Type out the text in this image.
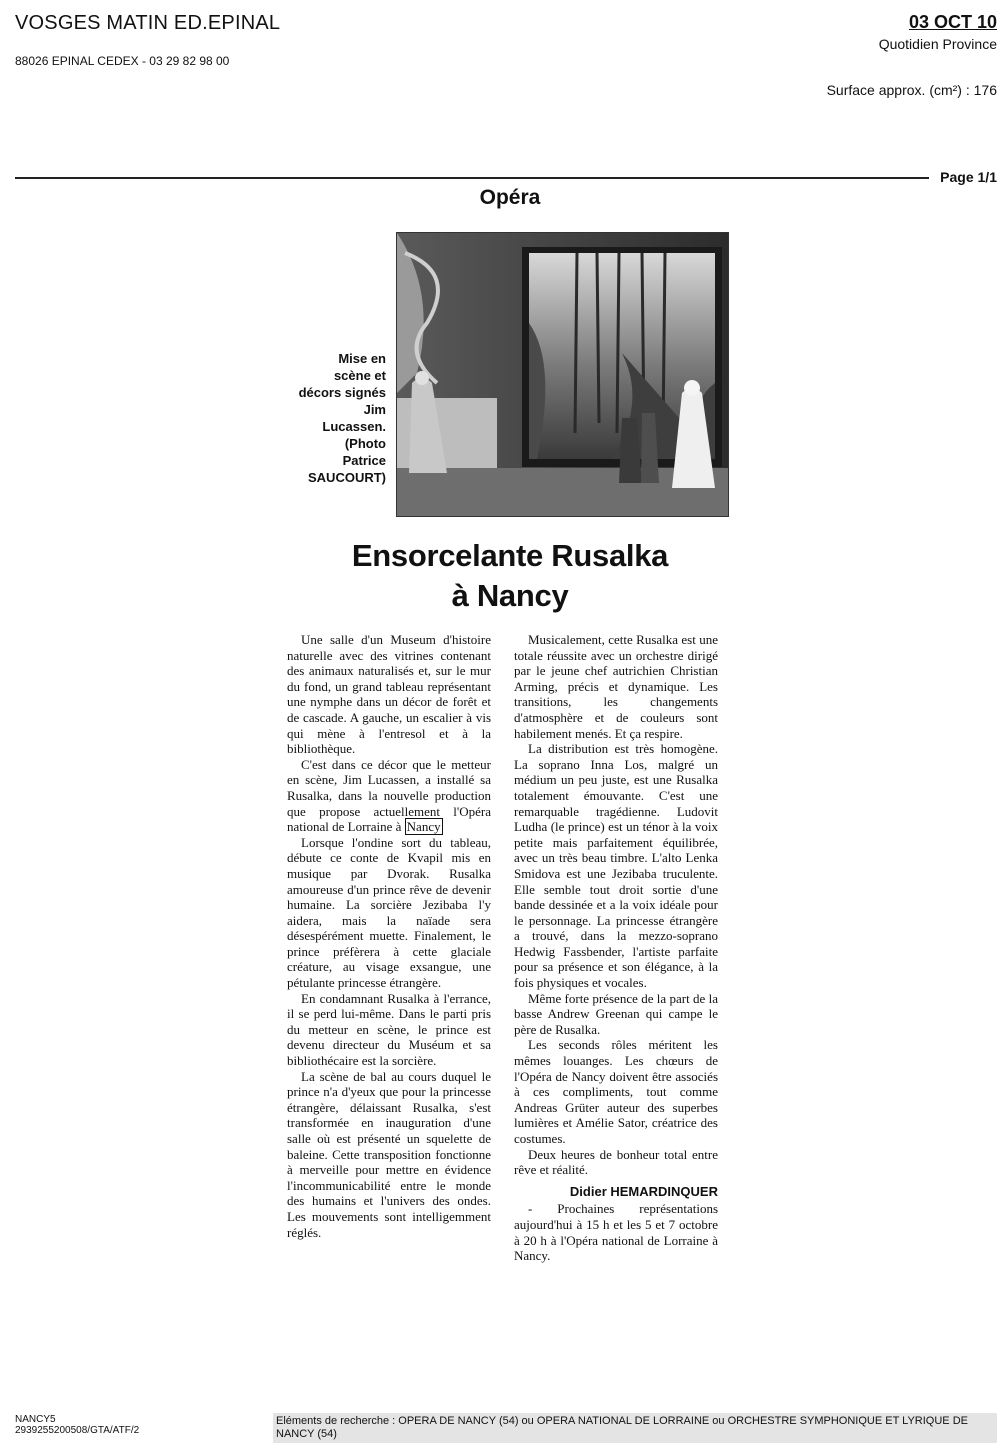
VOSGES MATIN ED.EPINAL
88026 EPINAL CEDEX - 03 29 82 98 00
03 OCT 10
Quotidien Province
Surface approx. (cm²) : 176
Page 1/1
Opéra
Mise en
scène et
décors signés
Jim
Lucassen.
(Photo
Patrice
SAUCOURT)
Ensorcelante Rusalka
à Nancy

Une salle d'un Museum d'histoire naturelle avec des vitrines contenant des animaux naturalisés et, sur le mur du fond, un grand tableau représentant une nymphe dans un décor de forêt et de cascade. A gauche, un escalier à vis qui mène à l'entresol et à la bibliothèque.

C'est dans ce décor que le metteur en scène, Jim Lucassen, a installé sa Rusalka, dans la nouvelle production que propose actuellement l'Opéra national de Lorraine à Nancy

Lorsque l'ondine sort du tableau, débute ce conte de Kvapil mis en musique par Dvorak. Rusalka amoureuse d'un prince rêve de devenir humaine. La sorcière Jezibaba l'y aidera, mais la naïade sera désespérément muette. Finalement, le prince préfèrera à cette glaciale créature, au visage exsangue, une pétulante princesse étrangère.

En condamnant Rusalka à l'errance, il se perd lui-même. Dans le parti pris du metteur en scène, le prince est devenu directeur du Muséum et sa bibliothécaire est la sorcière.

La scène de bal au cours duquel le prince n'a d'yeux que pour la princesse étrangère, délaissant Rusalka, s'est transformée en inauguration d'une salle où est présenté un squelette de baleine. Cette transposition fonctionne à merveille pour mettre en évidence l'incommunicabilité entre le monde des humains et l'univers des ondes. Les mouvements sont intelligemment réglés.

Musicalement, cette Rusalka est une totale réussite avec un orchestre dirigé par le jeune chef autrichien Christian Arming, précis et dynamique. Les transitions, les changements d'atmosphère et de couleurs sont habilement menés. Et ça respire.

La distribution est très homogène. La soprano Inna Los, malgré un médium un peu juste, est une Rusalka totalement émouvante. C'est une remarquable tragédienne. Ludovit Ludha (le prince) est un ténor à la voix petite mais parfaitement équilibrée, avec un très beau timbre. L'alto Lenka Smidova est une Jezibaba truculente. Elle semble tout droit sortie d'une bande dessinée et a la voix idéale pour le personnage. La princesse étrangère a trouvé, dans la mezzo-soprano Hedwig Fassbender, l'artiste parfaite pour sa présence et son élégance, à la fois physiques et vocales.

Même forte présence de la part de la basse Andrew Greenan qui campe le père de Rusalka.

Les seconds rôles méritent les mêmes louanges. Les chœurs de l'Opéra de Nancy doivent être associés à ces compliments, tout comme Andreas Grüter auteur des superbes lumières et Amélie Sator, créatrice des costumes.

Deux heures de bonheur total entre rêve et réalité.

Didier HEMARDINQUER

- Prochaines représentations aujourd'hui à 15 h et les 5 et 7 octobre à 20 h à l'Opéra national de Lorraine à Nancy.

NANCY5
2939255200508/GTA/ATF/2
Eléments de recherche : OPERA DE NANCY (54) ou OPERA NATIONAL DE LORRAINE ou ORCHESTRE SYMPHONIQUE ET LYRIQUE DE NANCY (54)
